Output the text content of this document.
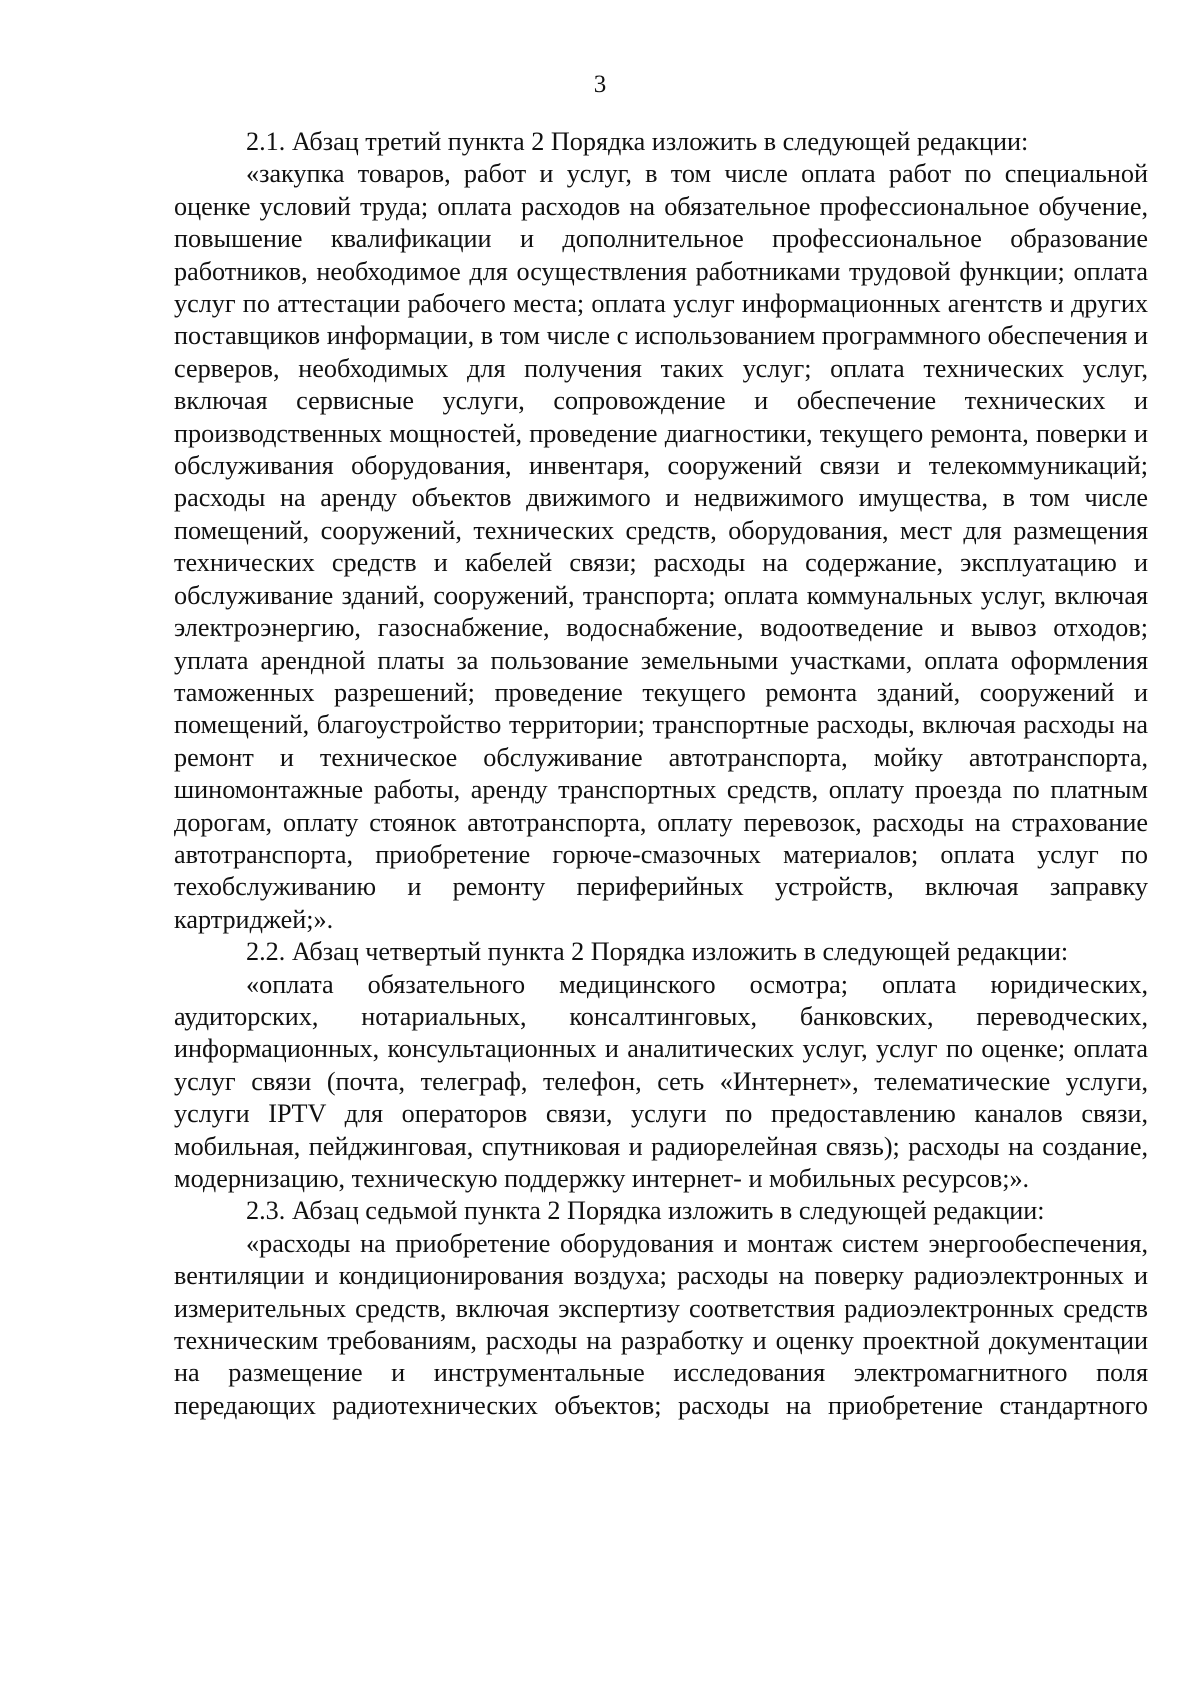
3

2.1. Абзац третий пункта 2 Порядка изложить в следующей редакции:

«закупка товаров, работ и услуг, в том числе оплата работ по специальной оценке условий труда; оплата расходов на обязательное профессиональное обучение, повышение квалификации и дополнительное профессиональное образование работников, необходимое для осуществления работниками трудовой функции; оплата услуг по аттестации рабочего места; оплата услуг информационных агентств и других поставщиков информации, в том числе с использованием программного обеспечения и серверов, необходимых для получения таких услуг; оплата технических услуг, включая сервисные услуги, сопровождение и обеспечение технических и производственных мощностей, проведение диагностики, текущего ремонта, поверки и обслуживания оборудования, инвентаря, сооружений связи и телекоммуникаций; расходы на аренду объектов движимого и недвижимого имущества, в том числе помещений, сооружений, технических средств, оборудования, мест для размещения технических средств и кабелей связи; расходы на содержание, эксплуатацию и обслуживание зданий, сооружений, транспорта; оплата коммунальных услуг, включая электроэнергию, газоснабжение, водоснабжение, водоотведение и вывоз отходов; уплата арендной платы за пользование земельными участками, оплата оформления таможенных разрешений; проведение текущего ремонта зданий, сооружений и помещений, благоустройство территории; транспортные расходы, включая расходы на ремонт и техническое обслуживание автотранспорта, мойку автотранспорта, шиномонтажные работы, аренду транспортных средств, оплату проезда по платным дорогам, оплату стоянок автотранспорта, оплату перевозок, расходы на страхование автотранспорта, приобретение горюче-смазочных материалов; оплата услуг по техобслуживанию и ремонту периферийных устройств, включая заправку картриджей;».

2.2. Абзац четвертый пункта 2 Порядка изложить в следующей редакции:

«оплата обязательного медицинского осмотра; оплата юридических, аудиторских, нотариальных, консалтинговых, банковских, переводческих, информационных, консультационных и аналитических услуг, услуг по оценке; оплата услуг связи (почта, телеграф, телефон, сеть «Интернет», телематические услуги, услуги IPTV для операторов связи, услуги по предоставлению каналов связи, мобильная, пейджинговая, спутниковая и радиорелейная связь); расходы на создание, модернизацию, техническую поддержку интернет- и мобильных ресурсов;».

2.3. Абзац седьмой пункта 2 Порядка изложить в следующей редакции:

«расходы на приобретение оборудования и монтаж систем энергообеспечения, вентиляции и кондиционирования воздуха; расходы на поверку радиоэлектронных и измерительных средств, включая экспертизу соответствия радиоэлектронных средств техническим требованиям, расходы на разработку и оценку проектной документации на размещение и инструментальные исследования электромагнитного поля передающих радиотехнических объектов; расходы на приобретение стандартного
